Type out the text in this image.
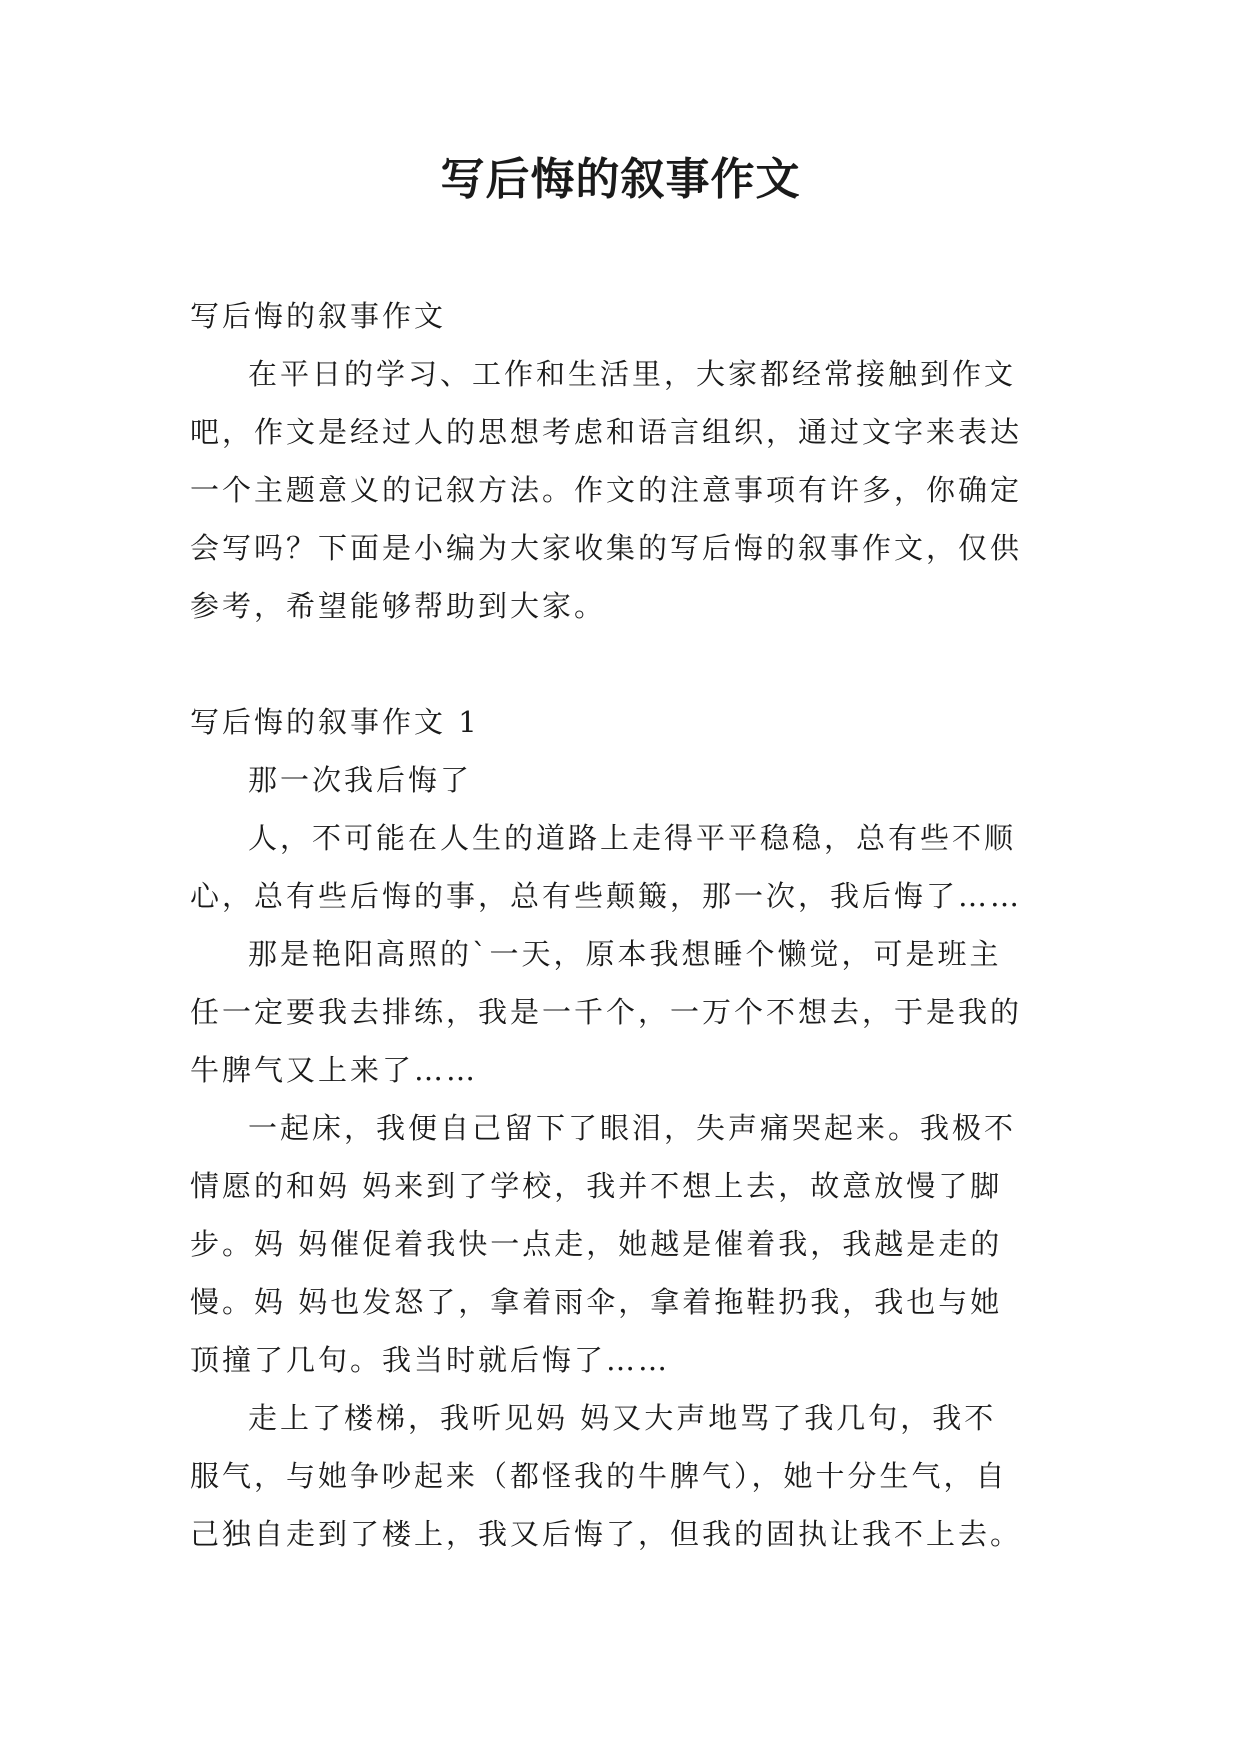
写后悔的叙事作文

写后悔的叙事作文

在平日的学习、工作和生活里，大家都经常接触到作文
吧，作文是经过人的思想考虑和语言组织，通过文字来表达
一个主题意义的记叙方法。作文的注意事项有许多，你确定
会写吗？下面是小编为大家收集的写后悔的叙事作文，仅供
参考，希望能够帮助到大家。

写后悔的叙事作文 1

那一次我后悔了

人，不可能在人生的道路上走得平平稳稳，总有些不顺
心，总有些后悔的事，总有些颠簸，那一次，我后悔了……

那是艳阳高照的`一天，原本我想睡个懒觉，可是班主
任一定要我去排练，我是一千个，一万个不想去，于是我的
牛脾气又上来了……

一起床，我便自己留下了眼泪，失声痛哭起来。我极不
情愿的和妈 妈来到了学校，我并不想上去，故意放慢了脚
步。妈 妈催促着我快一点走，她越是催着我，我越是走的
慢。妈 妈也发怒了，拿着雨伞，拿着拖鞋扔我，我也与她
顶撞了几句。我当时就后悔了……

走上了楼梯，我听见妈 妈又大声地骂了我几句，我不
服气，与她争吵起来（都怪我的牛脾气），她十分生气，自
己独自走到了楼上，我又后悔了，但我的固执让我不上去。
